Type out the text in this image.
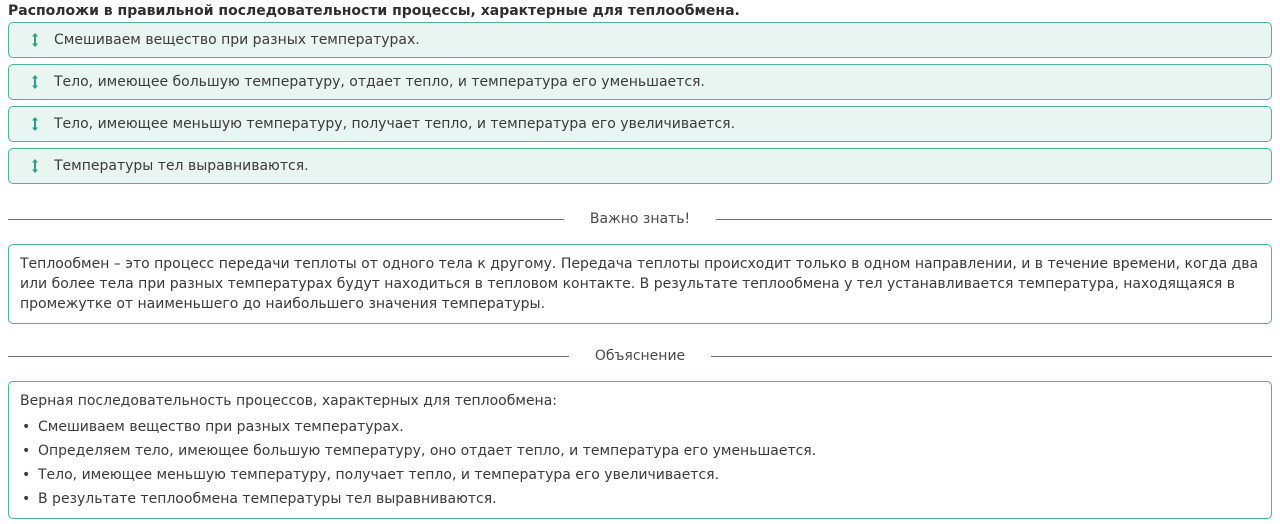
Расположи в правильной последовательности процессы, характерные для теплообмена.
Смешиваем вещество при разных температурах.
Тело, имеющее большую температуру, отдает тепло, и температура его уменьшается.
Тело, имеющее меньшую температуру, получает тепло, и температура его увеличивается.
Температуры тел выравниваются.
Важно знать!

Теплообмен – это процесс передачи теплоты от одного тела к другому. Передача теплоты происходит только в одном направлении, и в течение времени, когда два или более тела при разных температурах будут находиться в тепловом контакте. В результате теплообмена у тел устанавливается температура, находящаяся в промежутке от наименьшего до наибольшего значения температуры.

Объяснение

Верная последовательность процессов, характерных для теплообмена:

• Смешиваем вещество при разных температурах.
• Определяем тело, имеющее большую температуру, оно отдает тепло, и температура его уменьшается.
• Тело, имеющее меньшую температуру, получает тепло, и температура его увеличивается.
• В результате теплообмена температуры тел выравниваются.
